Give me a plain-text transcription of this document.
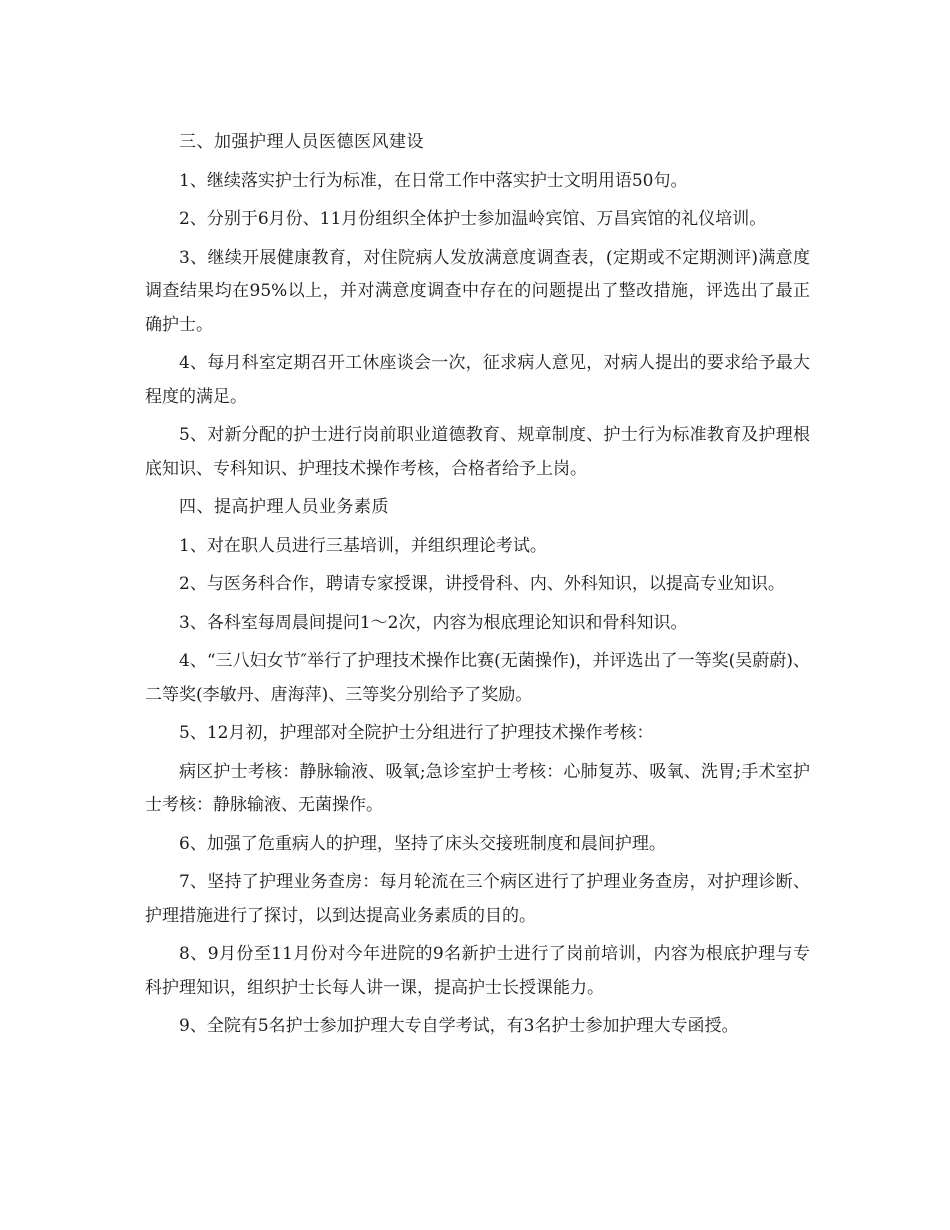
三、加强护理人员医德医风建设

1、继续落实护士行为标准，在日常工作中落实护士文明用语50句。

2、分别于6月份、11月份组织全体护士参加温岭宾馆、万昌宾馆的礼仪培训。

3、继续开展健康教育，对住院病人发放满意度调查表，(定期或不定期测评)满意度调查结果均在95%以上，并对满意度调查中存在的问题提出了整改措施，评选出了最正确护士。

4、每月科室定期召开工休座谈会一次，征求病人意见，对病人提出的要求给予最大程度的满足。

5、对新分配的护士进行岗前职业道德教育、规章制度、护士行为标准教育及护理根底知识、专科知识、护理技术操作考核，合格者给予上岗。

四、提高护理人员业务素质

1、对在职人员进行三基培训，并组织理论考试。

2、与医务科合作，聘请专家授课，讲授骨科、内、外科知识，以提高专业知识。

3、各科室每周晨间提问1～2次，内容为根底理论知识和骨科知识。

4、“三八妇女节″举行了护理技术操作比赛(无菌操作)，并评选出了一等奖(吴蔚蔚)、二等奖(李敏丹、唐海萍)、三等奖分别给予了奖励。

5、12月初，护理部对全院护士分组进行了护理技术操作考核：

病区护士考核：静脉输液、吸氧;急诊室护士考核：心肺复苏、吸氧、洗胃;手术室护士考核：静脉输液、无菌操作。

6、加强了危重病人的护理，坚持了床头交接班制度和晨间护理。

7、坚持了护理业务查房：每月轮流在三个病区进行了护理业务查房，对护理诊断、护理措施进行了探讨，以到达提高业务素质的目的。

8、9月份至11月份对今年进院的9名新护士进行了岗前培训，内容为根底护理与专科护理知识，组织护士长每人讲一课，提高护士长授课能力。

9、全院有5名护士参加护理大专自学考试，有3名护士参加护理大专函授。
